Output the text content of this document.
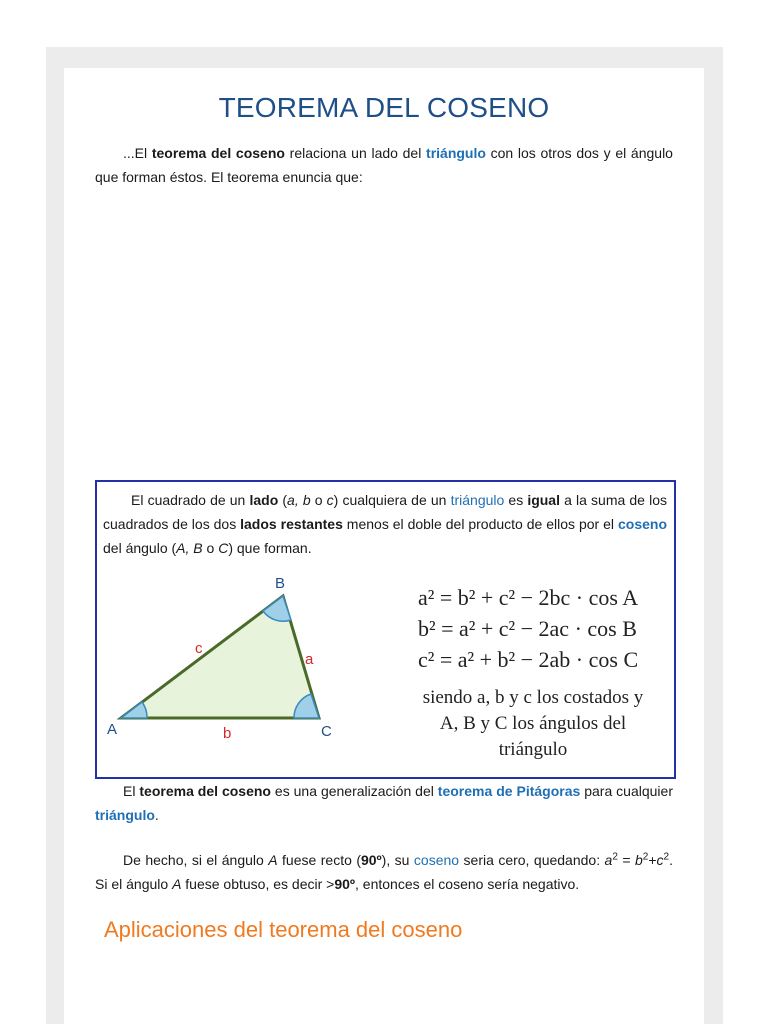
TEOREMA DEL COSENO
...El teorema del coseno relaciona un lado del triángulo con los otros dos y el ángulo que forman éstos. El teorema enuncia que:
El cuadrado de un lado (a, b o c) cualquiera de un triángulo es igual a la suma de los cuadrados de los dos lados restantes menos el doble del producto de ellos por el coseno del ángulo (A, B o C) que forman.
A
B
C
a
b
c
a² = b² + c² − 2bc · cos A
b² = a² + c² − 2ac · cos B
c² = a² + b² − 2ab · cos C
siendo a, b y c los costados y
A, B y C los ángulos del
triángulo
El teorema del coseno es una generalización del teorema de Pitágoras para cualquier triángulo.
De hecho, si el ángulo A fuese recto (90º), su coseno seria cero, quedando: $a^2 = b^2+c^2$. Si el ángulo A fuese obtuso, es decir >90º, entonces el coseno sería negativo.
Aplicaciones del teorema del coseno
